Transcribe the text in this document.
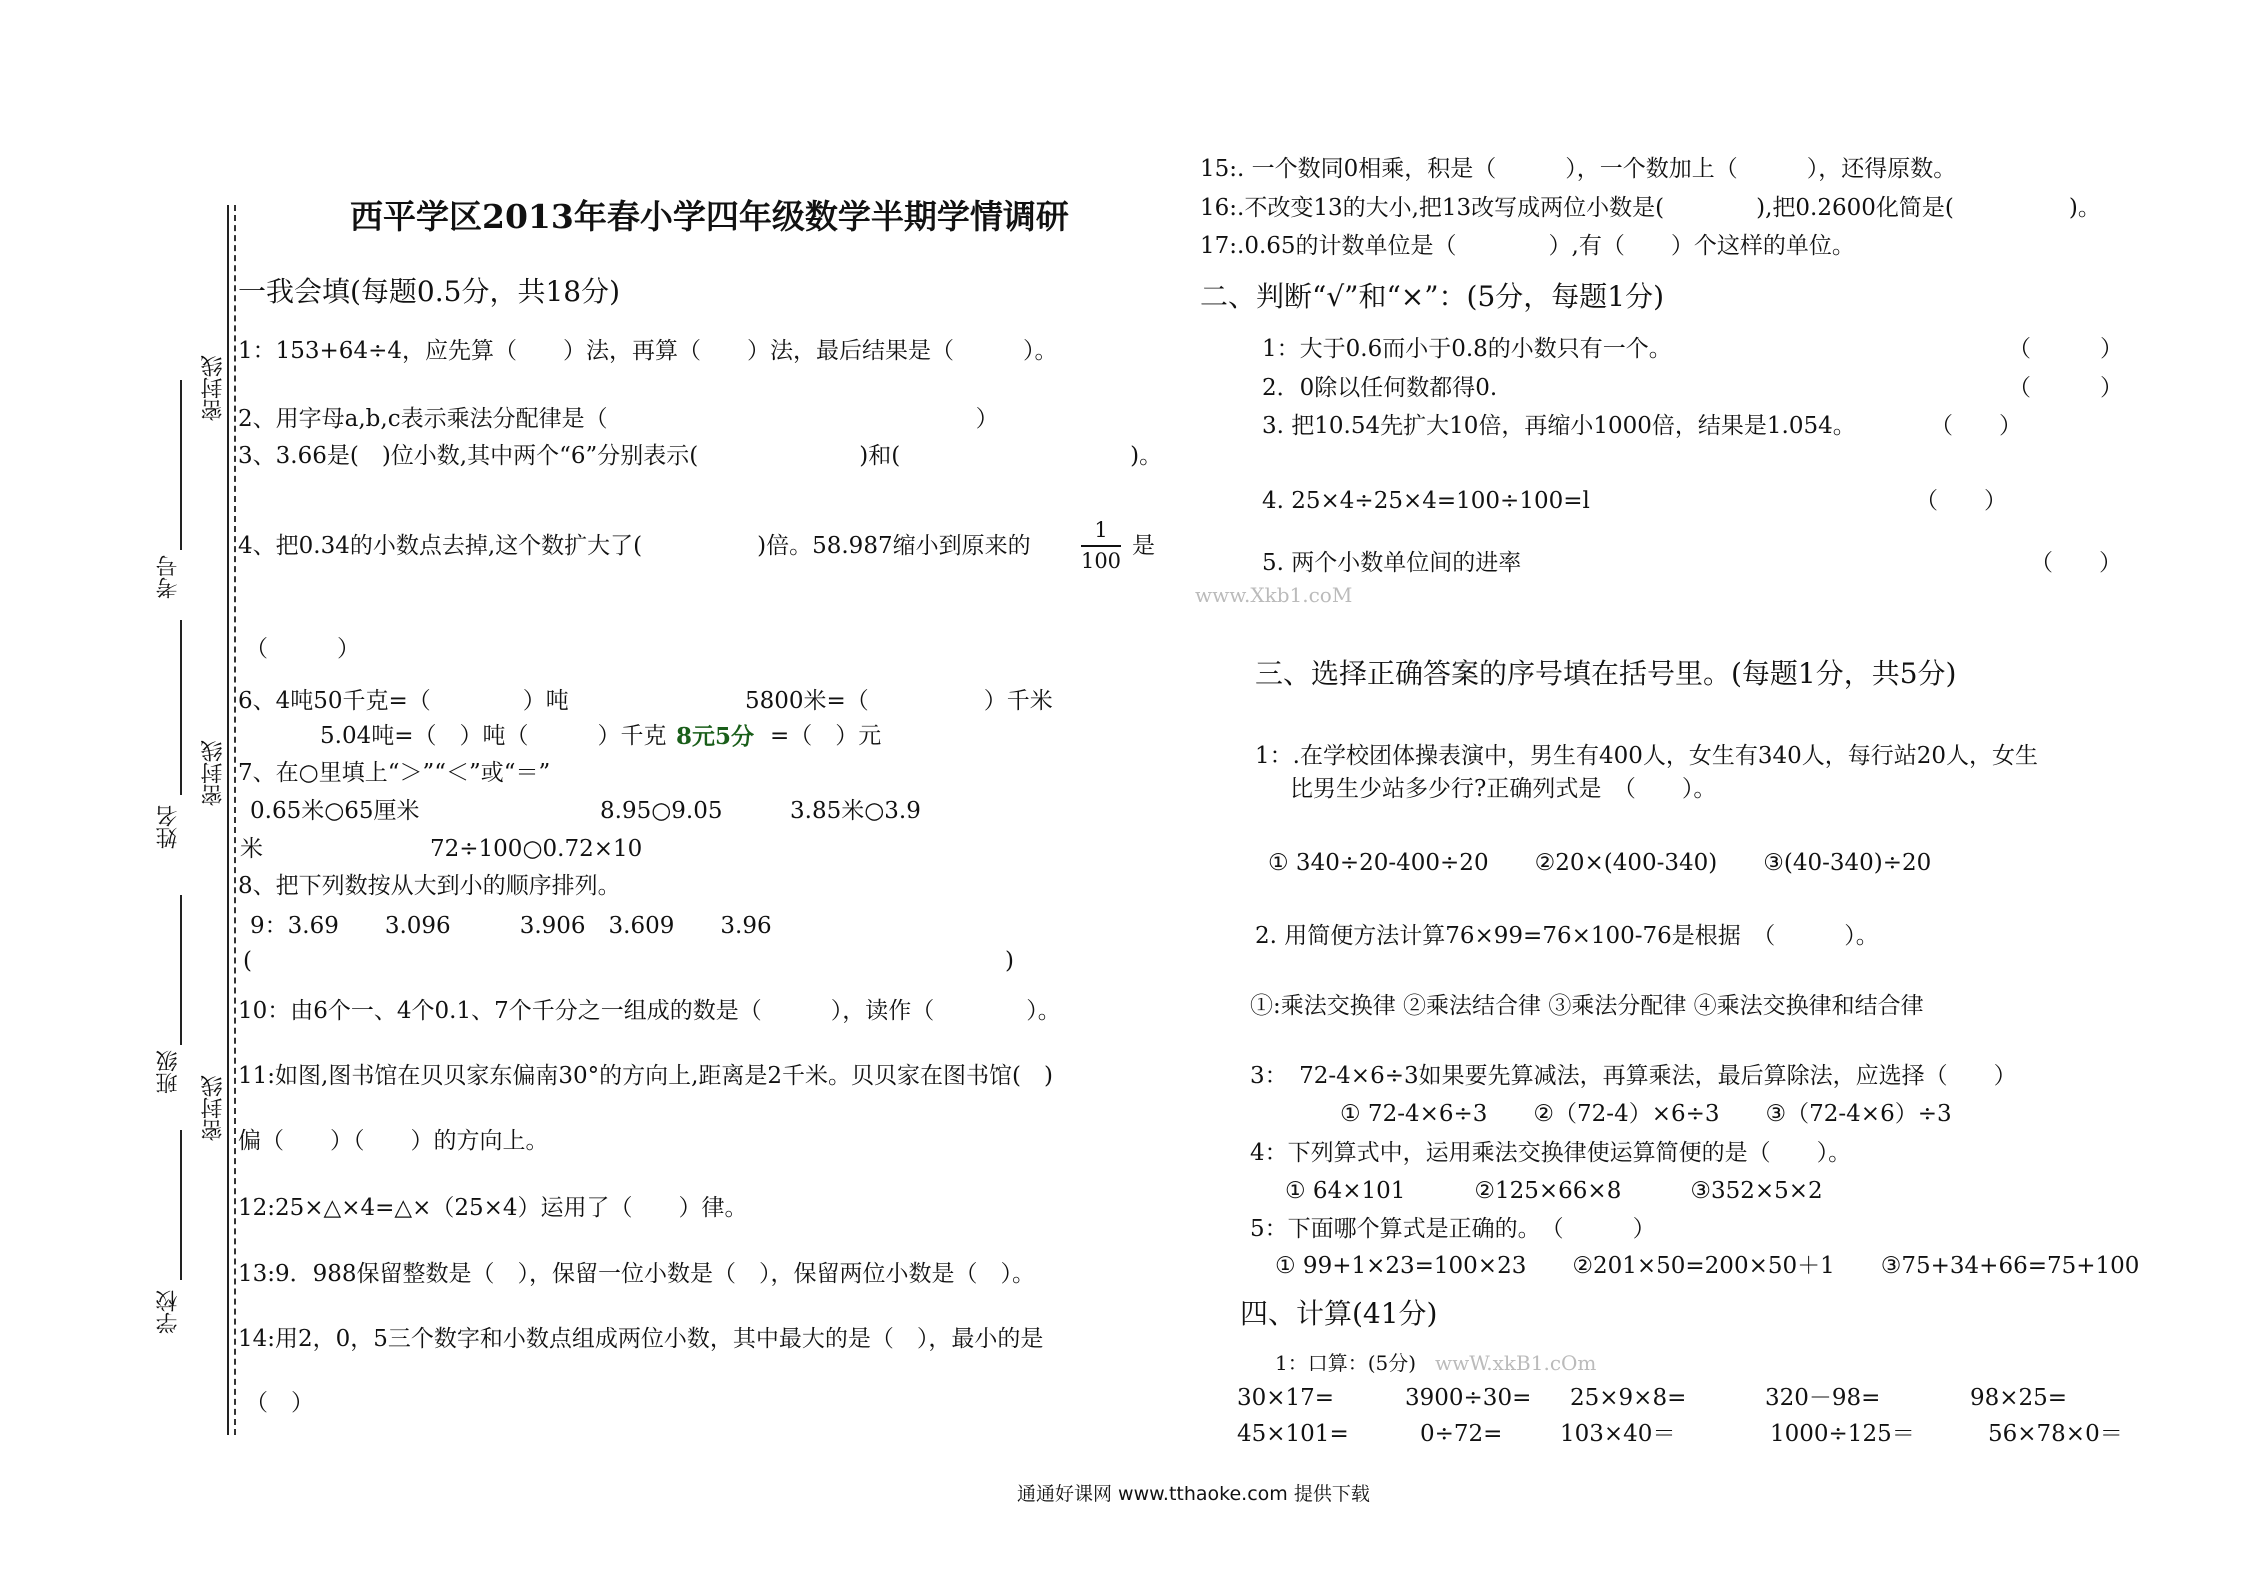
密封线
密封线
密封线
考号
姓名
班级
学校
西平学区2013年春小学四年级数学半期学情调研
一我会填(每题0.5分，共18分)
1：153+64÷4，应先算（　　）法，再算（　　）法，最后结果是（　　　）。
2、用字母a,b,c表示乘法分配律是（　　　　　　　　　　　　　　　　）
3、3.66是(　)位小数,其中两个“6”分别表示(　　　　　　　)和(　　　　　　　　　　)。
4、把0.34的小数点去掉,这个数扩大了(　　　　　)倍。58.987缩小到原来的
1
100
是
（　　　）
6、4吨50千克=（　　　　）吨	5800米=（　　　　　）千米
5.04吨=（　）吨（　　　）千克 8元5分 =（　）元
7、在○里填上“＞”“＜”或“＝”
0.65米○65厘米	8.95○9.05	3.85米○3.9
米	72÷100○0.72×10
8、把下列数按从大到小的顺序排列。
9：3.69　　3.096　　　3.906　3.609　　3.96
(	)
10：由6个一、4个0.1、7个千分之一组成的数是（　　　），读作（　　　　）。
11:如图,图书馆在贝贝家东偏南30°的方向上,距离是2千米。贝贝家在图书馆(　)
偏（　　）（　　）的方向上。
12:25×△×4=△×（25×4）运用了（　　）律。
13:9．988保留整数是（　），保留一位小数是（　），保留两位小数是（　）。
14:用2，0，5三个数字和小数点组成两位小数，其中最大的是（　），最小的是
（　）
15:. 一个数同0相乘，积是（　　　），一个数加上（　　　），还得原数。
16:.不改变13的大小,把13改写成两位小数是(　　　　),把0.2600化简是(　　　　　)。
17:.0.65的计数单位是（　　　　）,有（　　）个这样的单位。
二、判断“√”和“×”：(5分，每题1分)
1：大于0.6而小于0.8的小数只有一个。	（　　　）
2．0除以任何数都得0.	（　　　）
3. 把10.54先扩大10倍，再缩小1000倍，结果是1.054。	（　　）
4. 25×4÷25×4=100÷100=l	（　　）
5. 两个小数单位间的进率	（　　）
www.Xkb1.coM
三、选择正确答案的序号填在括号里。(每题1分，共5分)
1：.在学校团体操表演中，男生有400人，女生有340人，每行站20人，女生
比男生少站多少行?正确列式是　（　　）。
① 340÷20-400÷20　　②20×(400-340)　　③(40-340)÷20
2. 用简便方法计算76×99=76×100-76是根据　（　　　）。
①:乘法交换律 ②乘法结合律 ③乘法分配律 ④乘法交换律和结合律
3：　72-4×6÷3如果要先算减法，再算乘法，最后算除法，应选择（　　）
① 72-4×6÷3　　②（72-4）×6÷3　　③（72-4×6）÷3
4：下列算式中，运用乘法交换律使运算简便的是（　　）。
① 64×101　　　②125×66×8　　　③352×5×2
5：下面哪个算式是正确的。　（　　　）
① 99+1×23=100×23　　②201×50=200×50＋1　　③75+34+66=75+100
四、计算(41分)
1：口算：(5分) wwW.xkB1.cOm
30×17=	3900÷30= 25×9×8=	320－98=	98×25=
45×101=	0÷72=	103×40＝	1000÷125＝	56×78×0＝
通通好课网 www.tthaoke.com 提供下载
